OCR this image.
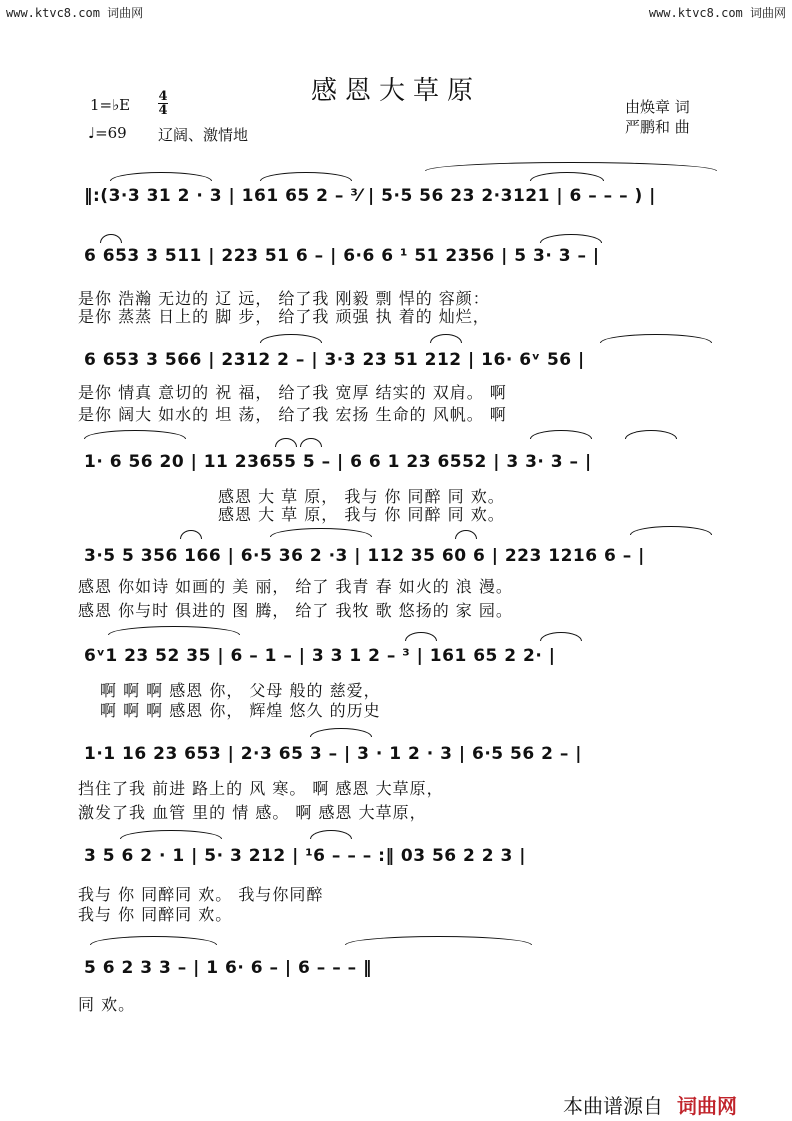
www.ktvc8.com 词曲网	www.ktvc8.com 词曲网
感恩大草原
1=♭E 4
4
♩=69 辽阔、激情地
由焕章 词
严鹏和 曲
‖:(3·3 31 2 · 3 | 161 65 2 – ³⁄ | 5·5 56 23 2·3121 | 6 – – – ) |
6 653 3 511 | 223 51 6 – | 6·6 6 ¹ 51 2356 | 5 3· 3 – |
是你 浩瀚 无边的 辽 远， 给了我 刚毅 剽 悍的 容颜：
是你 蒸蒸 日上的 脚 步， 给了我 顽强 执 着的 灿烂，
6 653 3 566 | 2312 2 – | 3·3 23 51 212 | 16· 6ᵛ 56 |
是你 情真 意切的 祝 福， 给了我 宽厚 结实的 双肩。 啊
是你 阔大 如水的 坦 荡， 给了我 宏扬 生命的 风帆。 啊
1· 6 56 20 | 11 23655 5 – | 6 6 1 23 6552 | 3 3· 3 – |
感恩 大 草 原， 我与 你 同醉 同 欢。
感恩 大 草 原， 我与 你 同醉 同 欢。
3·5 5 356 166 | 6·5 36 2 ·3 | 112 35 60 6 | 223 1216 6 – |
感恩 你如诗 如画的 美 丽， 给了 我青 春 如火的 浪 漫。
感恩 你与时 俱进的 图 腾， 给了 我牧 歌 悠扬的 家 园。
6ᵛ1 23 52 35 | 6 – 1 – | 3 3 1 2 – ³ | 161 65 2 2· |
啊 啊 啊 感恩 你， 父母 般的 慈爱，
啊 啊 啊 感恩 你， 辉煌 悠久 的历史
1·1 16 23 653 | 2·3 65 3 – | 3 · 1 2 · 3 | 6·5 56 2 – |
挡住了我 前进 路上的 风 寒。 啊 感恩 大草原，
激发了我 血管 里的 情 感。 啊 感恩 大草原，
3 5 6 2 · 1 | 5· 3 212 | ¹6 – – – :‖ 03 56 2 2 3 |
我与 你 同醉同 欢。 我与你同醉
我与 你 同醉同 欢。
5 6 2 3 3 – | 1 6· 6 – | 6 – – – ‖
同 欢。
本曲谱源自 词曲网
